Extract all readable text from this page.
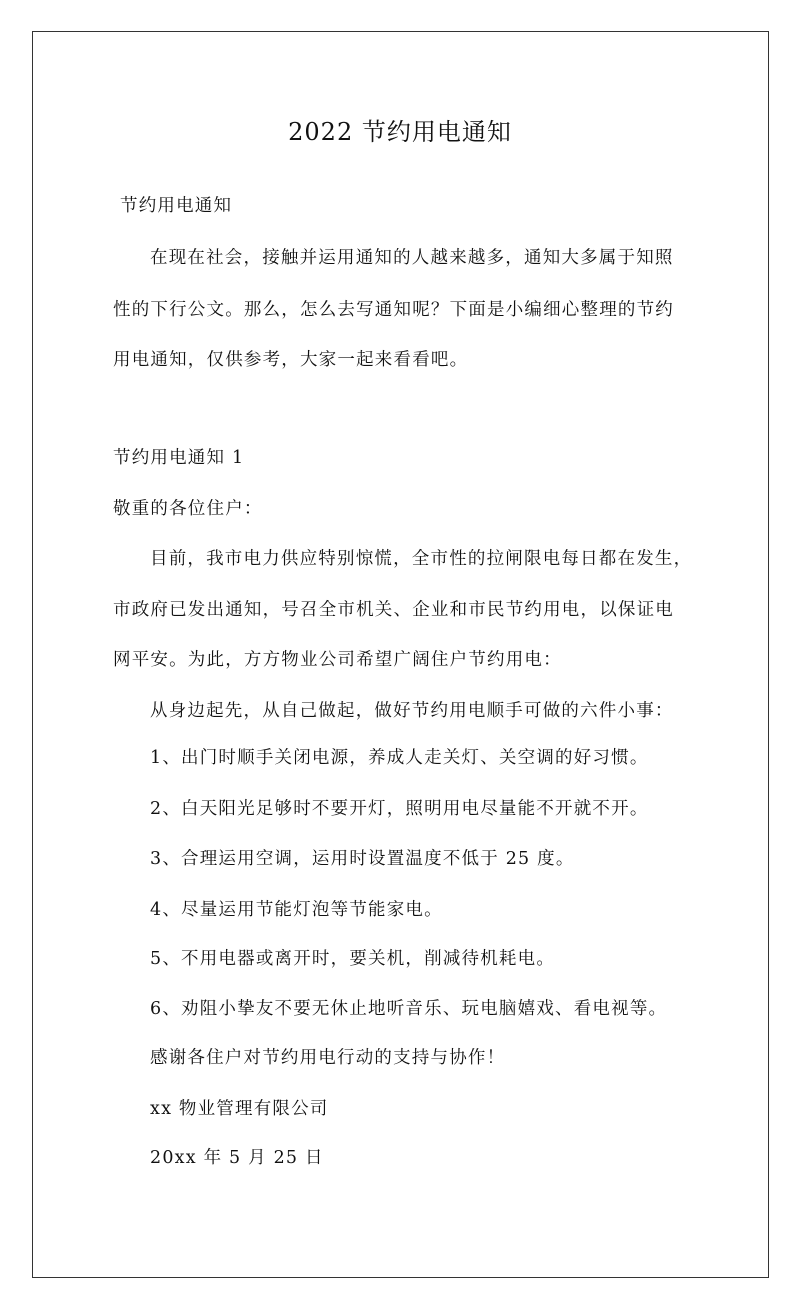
2022 节约用电通知
节约用电通知
在现在社会，接触并运用通知的人越来越多，通知大多属于知照
性的下行公文。那么，怎么去写通知呢？下面是小编细心整理的节约
用电通知，仅供参考，大家一起来看看吧。
节约用电通知 1
敬重的各位住户：
目前，我市电力供应特别惊慌，全市性的拉闸限电每日都在发生，
市政府已发出通知，号召全市机关、企业和市民节约用电，以保证电
网平安。为此，方方物业公司希望广阔住户节约用电：
从身边起先，从自己做起，做好节约用电顺手可做的六件小事：
1、出门时顺手关闭电源，养成人走关灯、关空调的好习惯。
2、白天阳光足够时不要开灯，照明用电尽量能不开就不开。
3、合理运用空调，运用时设置温度不低于 25 度。
4、尽量运用节能灯泡等节能家电。
5、不用电器或离开时，要关机，削减待机耗电。
6、劝阻小挚友不要无休止地听音乐、玩电脑嬉戏、看电视等。
感谢各住户对节约用电行动的支持与协作！
xx 物业管理有限公司
20xx 年 5 月 25 日
